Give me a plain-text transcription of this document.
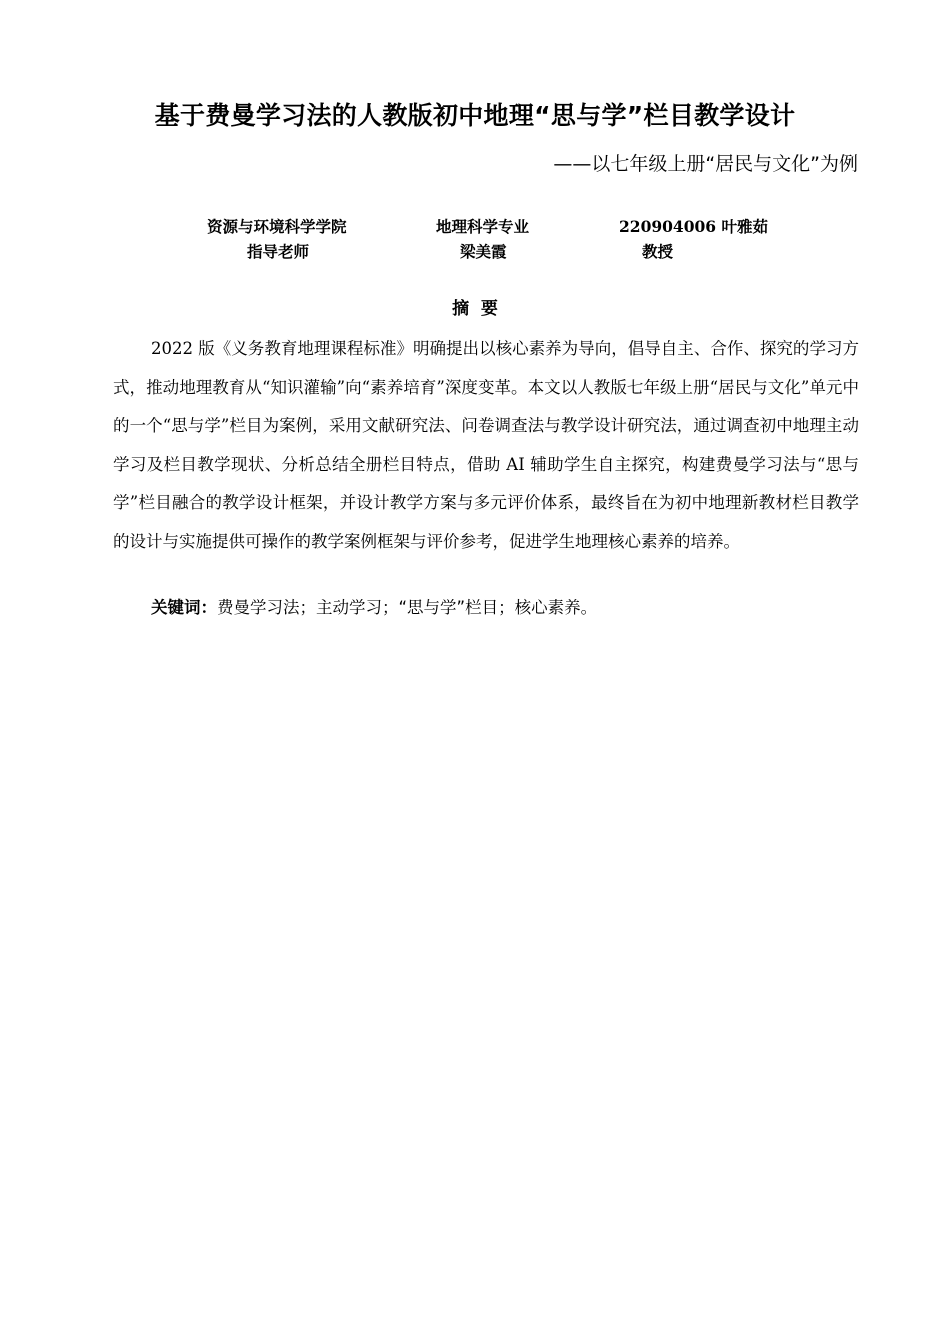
基于费曼学习法的人教版初中地理“思与学”栏目教学设计
——以七年级上册“居民与文化”为例
资源与环境科学学院	地理科学专业	220904006 叶雅茹
指导老师	梁美霞	教授
摘  要

2022 版《义务教育地理课程标准》明确提出以核心素养为导向，倡导自主、合作、探究的学习方式，推动地理教育从“知识灌输”向“素养培育”深度变革。本文以人教版七年级上册“居民与文化”单元中的一个“思与学”栏目为案例，采用文献研究法、问卷调查法与教学设计研究法，通过调查初中地理主动学习及栏目教学现状、分析总结全册栏目特点，借助 AI 辅助学生自主探究，构建费曼学习法与“思与学”栏目融合的教学设计框架，并设计教学方案与多元评价体系，最终旨在为初中地理新教材栏目教学的设计与实施提供可操作的教学案例框架与评价参考，促进学生地理核心素养的培养。

关键词：费曼学习法；主动学习；“思与学”栏目；核心素养。
